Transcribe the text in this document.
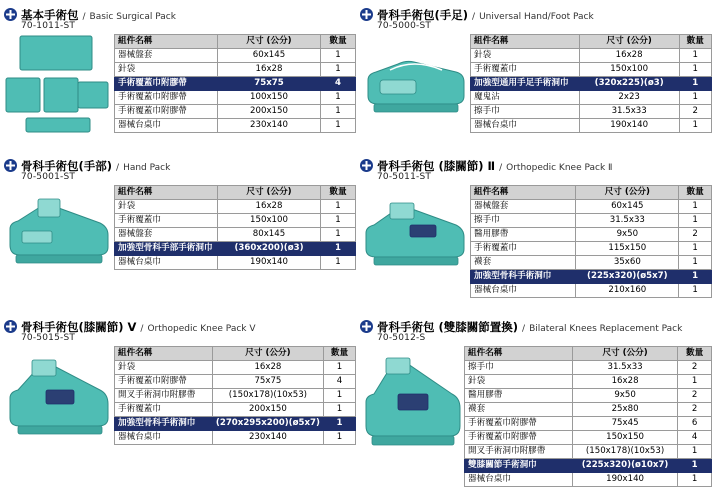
基本手術包 / Basic Surgical Pack
70-1011-ST
組件名稱	尺寸 (公分)	數量
器械盤套	60x145	1
針袋	16x28	1
手術覆蓋巾附膠帶	75x75	4
手術覆蓋巾附膠帶	100x150	1
手術覆蓋巾附膠帶	200x150	1
器械台桌巾	230x140	1
骨科手術包(手足) / Universal Hand/Foot Pack
70-5000-ST
組件名稱	尺寸 (公分)	數量
針袋	16x28	1
手術覆蓋巾	150x100	1
加強型通用手足手術洞巾	(320x225)(ø3)	1
魔鬼沾	2x23	1
擦手巾	31.5x33	2
器械台桌巾	190x140	1
骨科手術包(手部) / Hand Pack
70-5001-ST
組件名稱	尺寸 (公分)	數量
針袋	16x28	1
手術覆蓋巾	150x100	1
器械盤套	80x145	1
加強型骨科手部手術洞巾	(360x200)(ø3)	1
器械台桌巾	190x140	1
骨科手術包 (膝關節) Ⅱ / Orthopedic Knee Pack Ⅱ
70-5011-ST
組件名稱	尺寸 (公分)	數量
器械盤套	60x145	1
擦手巾	31.5x33	1
醫用膠帶	9x50	2
手術覆蓋巾	115x150	1
襪套	35x60	1
加強型骨科手術洞巾	(225x320)(ø5x7)	1
器械台桌巾	210x160	1
骨科手術包(膝關節) V / Orthopedic Knee Pack V
70-5015-ST
組件名稱	尺寸 (公分)	數量
針袋	16x28	1
手術覆蓋巾附膠帶	75x75	4
開叉手術洞巾附膠帶	(150x178)(10x53)	1
手術覆蓋巾	200x150	1
加強型骨科手術洞巾	(270x295x200)(ø5x7)	1
器械台桌巾	230x140	1
骨科手術包 (雙膝關節置換) / Bilateral Knees Replacement Pack
70-5012-S
組件名稱	尺寸 (公分)	數量
擦手巾	31.5x33	2
針袋	16x28	1
醫用膠帶	9x50	2
襪套	25x80	2
手術覆蓋巾附膠帶	75x45	6
手術覆蓋巾附膠帶	150x150	4
開叉手術洞巾附膠帶	(150x178)(10x53)	1
雙膝關節手術洞巾	(225x320)(ø10x7)	1
器械台桌巾	190x140	1
